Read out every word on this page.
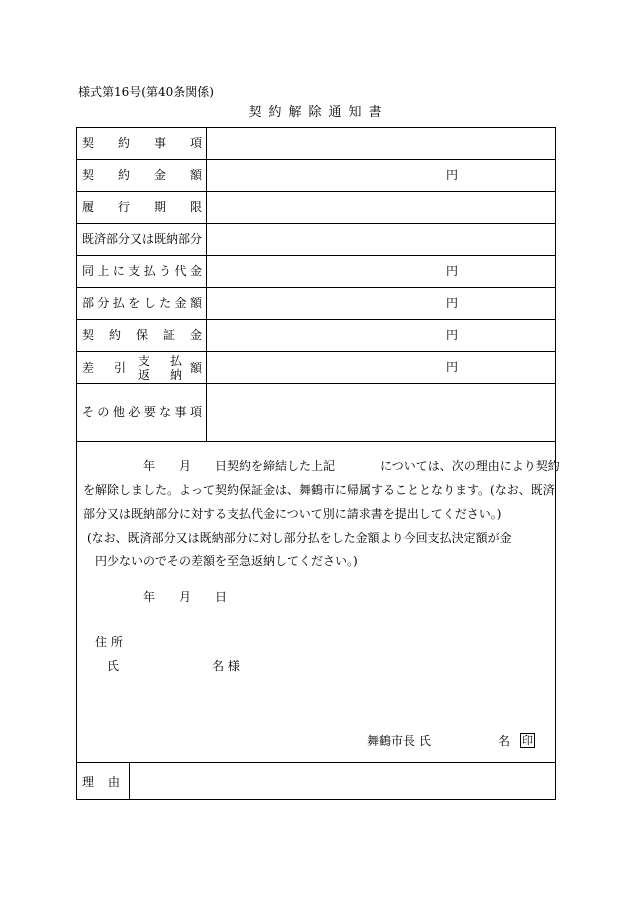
様式第16号(第40条関係)
契約解除通知書
契 約 事 項
契 約 金 額	円
履 行 期 限
既済部分又は既納部分
同 上 に 支 払 う 代 金	円
部 分 払 を し た 金 額	円
契 約 保 証 金	円
差 引 支 払
返 納 額	円
そ の 他 必 要 な 事 項
年 月 日契約を締結した上記	については、次の理由により契約
を解除しました。よって契約保証金は、舞鶴市に帰属することとなります。(なお、既済
部分又は既納部分に対する支払代金について別に請求書を提出してください。)
(なお、既済部分又は既納部分に対し部分払をした金額より今回支払決定額が金
円少ないのでその差額を至急返納してください。)
年 月 日
住 所
氏	名 様
舞鶴市長 氏	名 印
理 由
